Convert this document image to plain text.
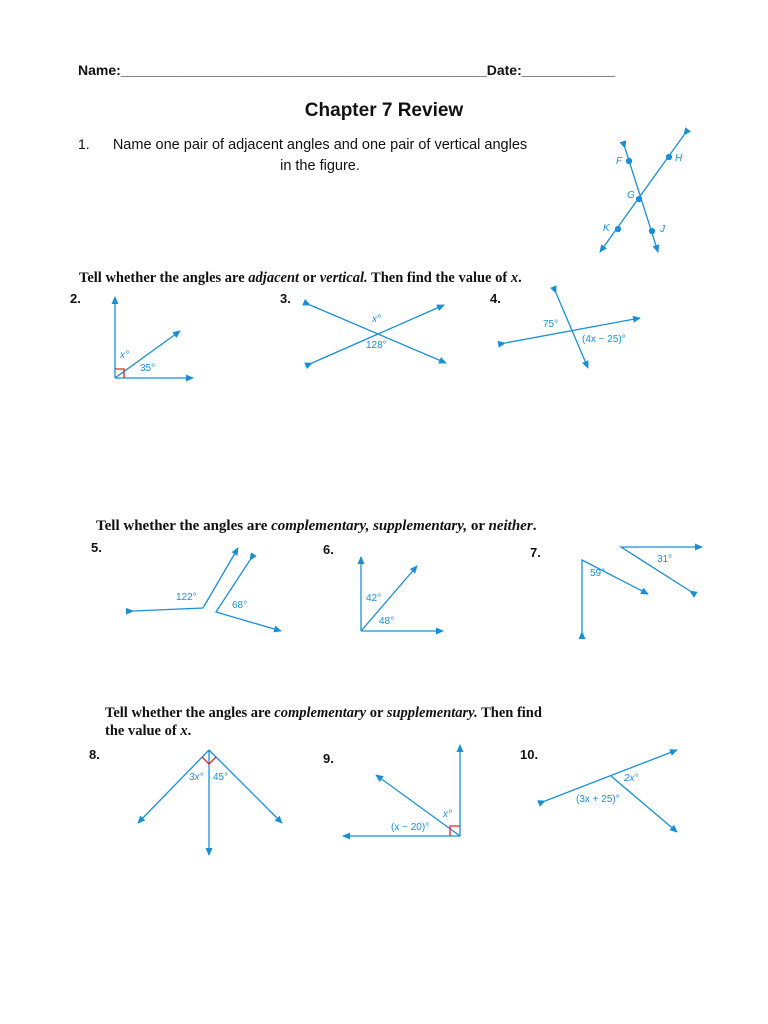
Name:_______________________________________________Date:____________
Chapter 7 Review
1. Name one pair of adjacent angles and one pair of vertical angles in the figure.
Tell whether the angles are adjacent or vertical. Then find the value of x.
2.	3.	4.
Tell whether the angles are complementary, supplementary, or neither.
5.	6.	7.
Tell whether the angles are complementary or supplementary. Then find
the value of x.
8.	9.	10.
F	H
G
K	J
x°
35°
x°
128°
75°
(4x − 25)°
122°
68°
42°
48°
59°
31°
3x° 45°
x°
(x − 20)°
2x°
(3x + 25)°
